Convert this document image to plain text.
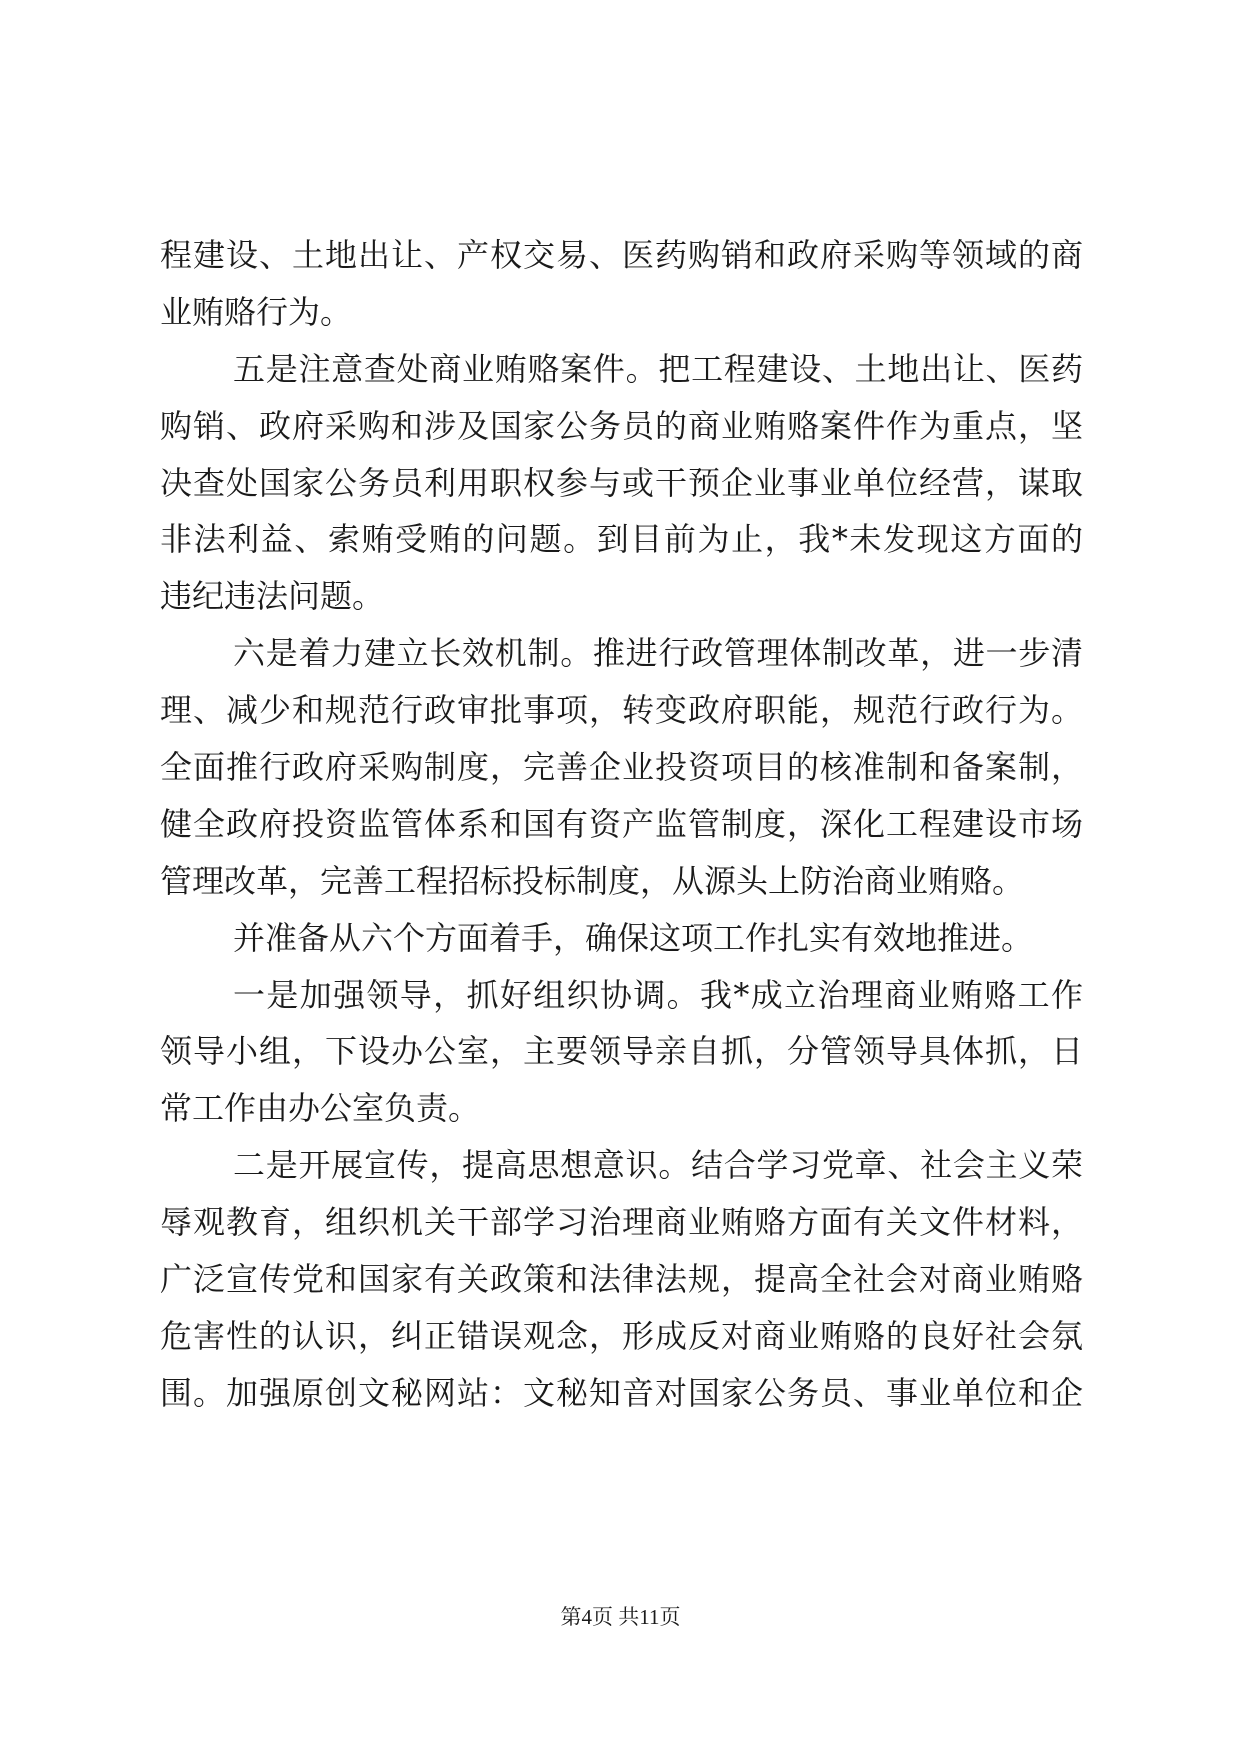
程建设、土地出让、产权交易、医药购销和政府采购等领域的商
业贿赂行为。
五是注意查处商业贿赂案件。把工程建设、土地出让、医药
购销、政府采购和涉及国家公务员的商业贿赂案件作为重点，坚
决查处国家公务员利用职权参与或干预企业事业单位经营，谋取
非法利益、索贿受贿的问题。到目前为止，我*未发现这方面的
违纪违法问题。
六是着力建立长效机制。推进行政管理体制改革，进一步清
理、减少和规范行政审批事项，转变政府职能，规范行政行为。
全面推行政府采购制度，完善企业投资项目的核准制和备案制，
健全政府投资监管体系和国有资产监管制度，深化工程建设市场
管理改革，完善工程招标投标制度，从源头上防治商业贿赂。
并准备从六个方面着手，确保这项工作扎实有效地推进。
一是加强领导，抓好组织协调。我*成立治理商业贿赂工作
领导小组，下设办公室，主要领导亲自抓，分管领导具体抓，日
常工作由办公室负责。
二是开展宣传，提高思想意识。结合学习党章、社会主义荣
辱观教育，组织机关干部学习治理商业贿赂方面有关文件材料，
广泛宣传党和国家有关政策和法律法规，提高全社会对商业贿赂
危害性的认识，纠正错误观念，形成反对商业贿赂的良好社会氛
围。加强原创文秘网站：文秘知音对国家公务员、事业单位和企
第4页 共11页
